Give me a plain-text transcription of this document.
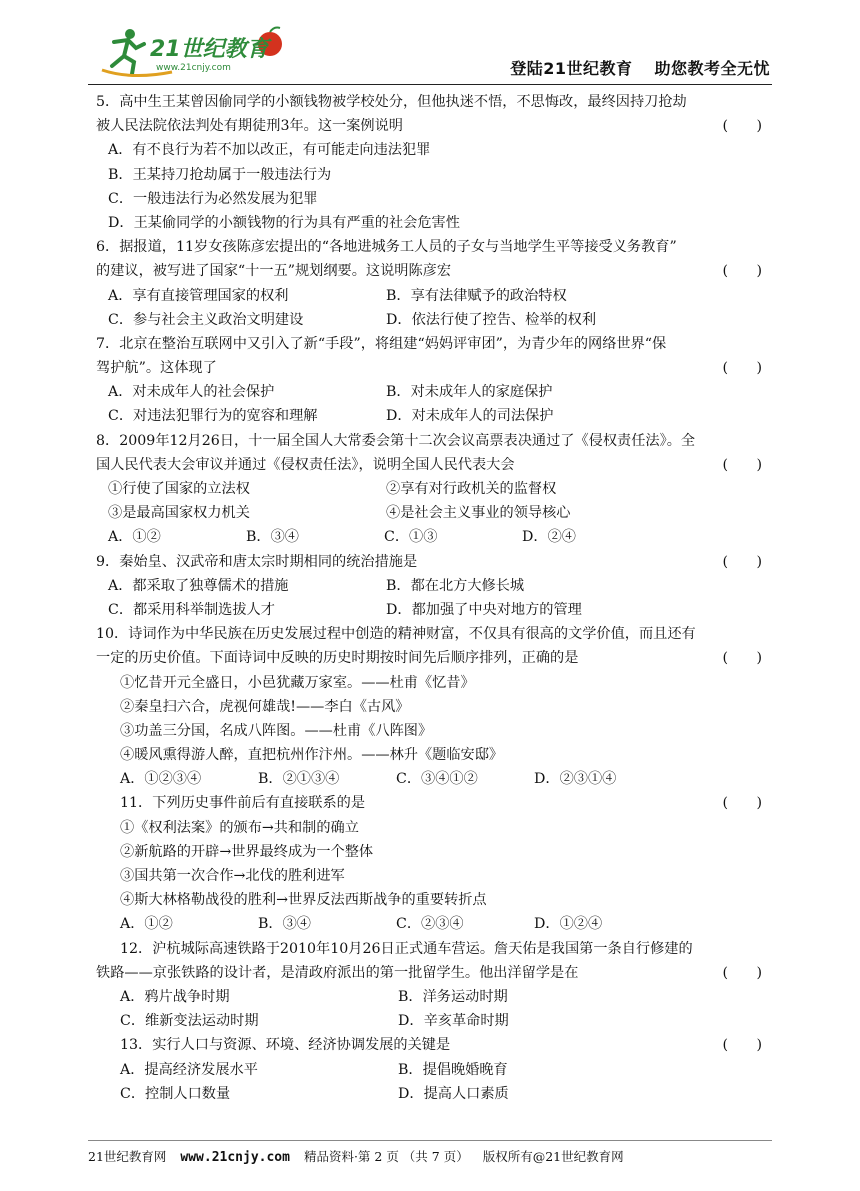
21世纪教育
www.21cnjy.com	登陆21世纪教育 助您教考全无忧
5．高中生王某曾因偷同学的小额钱物被学校处分，但他执迷不悟，不思悔改，最终因持刀抢劫
被人民法院依法判处有期徒刑3年。这一案例说明	(　　)
A．有不良行为若不加以改正，有可能走向违法犯罪
B．王某持刀抢劫属于一般违法行为
C．一般违法行为必然发展为犯罪
D．王某偷同学的小额钱物的行为具有严重的社会危害性
6．据报道，11岁女孩陈彦宏提出的“各地进城务工人员的子女与当地学生平等接受义务教育”
的建议，被写进了国家“十一五”规划纲要。这说明陈彦宏	(　　)
A．享有直接管理国家的权利	B．享有法律赋予的政治特权
C．参与社会主义政治文明建设	D．依法行使了控告、检举的权利
7．北京在整治互联网中又引入了新“手段”，将组建“妈妈评审团”，为青少年的网络世界“保
驾护航”。这体现了	(　　)
A．对未成年人的社会保护	B．对未成年人的家庭保护
C．对违法犯罪行为的宽容和理解	D．对未成年人的司法保护
8．2009年12月26日，十一届全国人大常委会第十二次会议高票表决通过了《侵权责任法》。全
国人民代表大会审议并通过《侵权责任法》，说明全国人民代表大会	(　　)
①行使了国家的立法权	②享有对行政机关的监督权
③是最高国家权力机关	④是社会主义事业的领导核心
A．①②	B．③④	C．①③	D．②④
9．秦始皇、汉武帝和唐太宗时期相同的统治措施是	(　　)
A．都采取了独尊儒术的措施	B．都在北方大修长城
C．都采用科举制选拔人才	D．都加强了中央对地方的管理
10．诗词作为中华民族在历史发展过程中创造的精神财富，不仅具有很高的文学价值，而且还有
一定的历史价值。下面诗词中反映的历史时期按时间先后顺序排列，正确的是	(　　)
①忆昔开元全盛日，小邑犹藏万家室。——杜甫《忆昔》
②秦皇扫六合，虎视何雄哉!——李白《古风》
③功盖三分国，名成八阵图。——杜甫《八阵图》
④暖风熏得游人醉，直把杭州作汴州。——林升《题临安邸》
A．①②③④	B．②①③④	C．③④①②	D．②③①④
11．下列历史事件前后有直接联系的是	(　　)
①《权利法案》的颁布→共和制的确立
②新航路的开辟→世界最终成为一个整体
③国共第一次合作→北伐的胜利进军
④斯大林格勒战役的胜利→世界反法西斯战争的重要转折点
A．①②	B．③④	C．②③④	D．①②④
12．沪杭城际高速铁路于2010年10月26日正式通车营运。詹天佑是我国第一条自行修建的
铁路——京张铁路的设计者，是清政府派出的第一批留学生。他出洋留学是在	(　　)
A．鸦片战争时期	B．洋务运动时期
C．维新变法运动时期	D．辛亥革命时期
13．实行人口与资源、环境、经济协调发展的关键是	(　　)
A．提高经济发展水平	B．提倡晚婚晚育
C．控制人口数量	D．提高人口素质
21世纪教育网 www.21cnjy.com 精品资料·第 2 页 （共 7 页） 版权所有@21世纪教育网
